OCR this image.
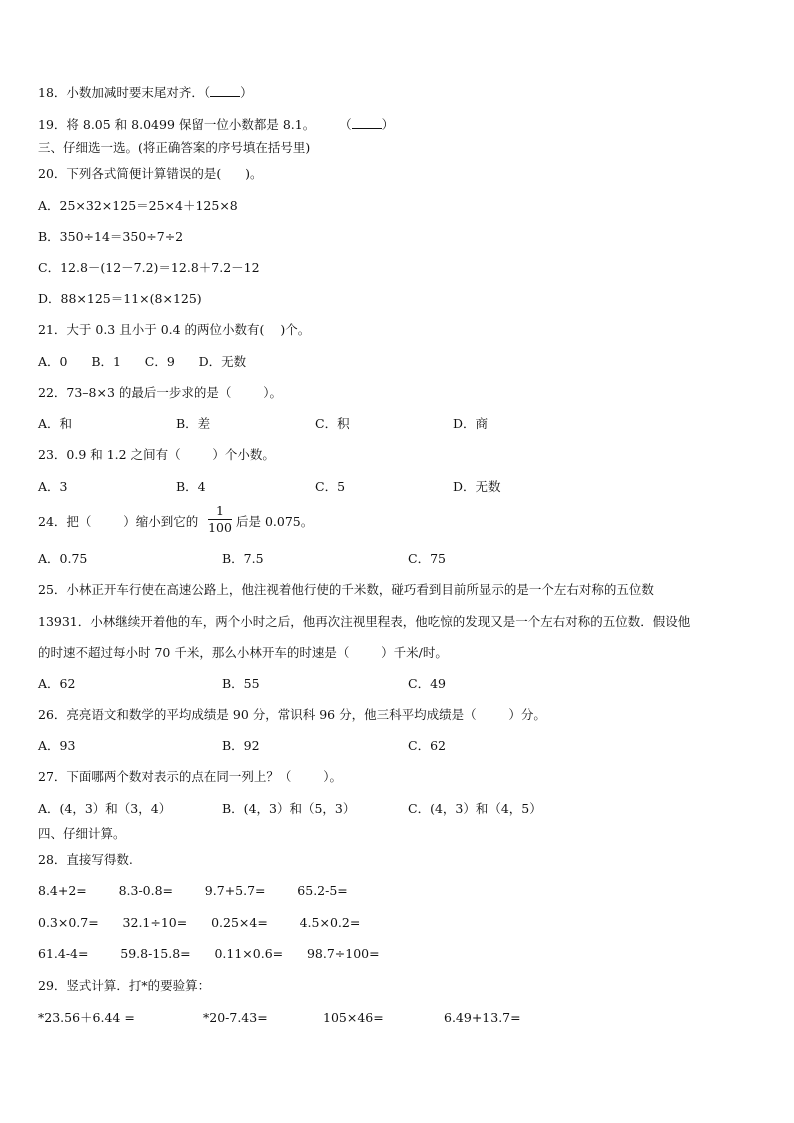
18．小数加减时要末尾对齐．（ ）
19．将 8.05 和 8.0499 保留一位小数都是 8.1。      （ ）
三、仔细选一选。(将正确答案的序号填在括号里)
20．下列各式简便计算错误的是(      )。
A．25×32×125＝25×4＋125×8
B．350÷14＝350÷7÷2
C．12.8－(12－7.2)＝12.8＋7.2－12
D．88×125＝11×(8×125)
21．大于 0.3 且小于 0.4 的两位小数有(    )个。
A．0      B．1      C．9      D．无数
22．73–8×3 的最后一步求的是（        ）。
A．和	B．差	C．积	D．商
23．0.9 和 1.2 之间有（        ）个小数。
A．3	B．4	C．5	D．无数
24．把（        ）缩小到它的
1
100 后是 0.075。
A．0.75	B．7.5	C．75
25．小林正开车行使在高速公路上，他注视着他行使的千米数，碰巧看到目前所显示的是一个左右对称的五位数
13931．小林继续开着他的车，两个小时之后，他再次注视里程表，他吃惊的发现又是一个左右对称的五位数．假设他
的时速不超过每小时 70 千米，那么小林开车的时速是（        ）千米/时。
A．62	B．55	C．49
26．亮亮语文和数学的平均成绩是 90 分，常识科 96 分，他三科平均成绩是（        ）分。
A．93	B．92	C．62
27．下面哪两个数对表示的点在同一列上？（        ）。
A．(4，3）和（3，4）	B．(4，3）和（5，3）	C．(4，3）和（4，5）
四、仔细计算。
28．直接写得数.
8.4+2=        8.3-0.8=        9.7+5.7=        65.2-5=
0.3×0.7=      32.1÷10=      0.25×4=        4.5×0.2=
61.4-4=        59.8-15.8=      0.11×0.6=      98.7÷100=
29．竖式计算．打*的要验算：
*23.56＋6.44 =	*20-7.43=	105×46=	6.49+13.7=
